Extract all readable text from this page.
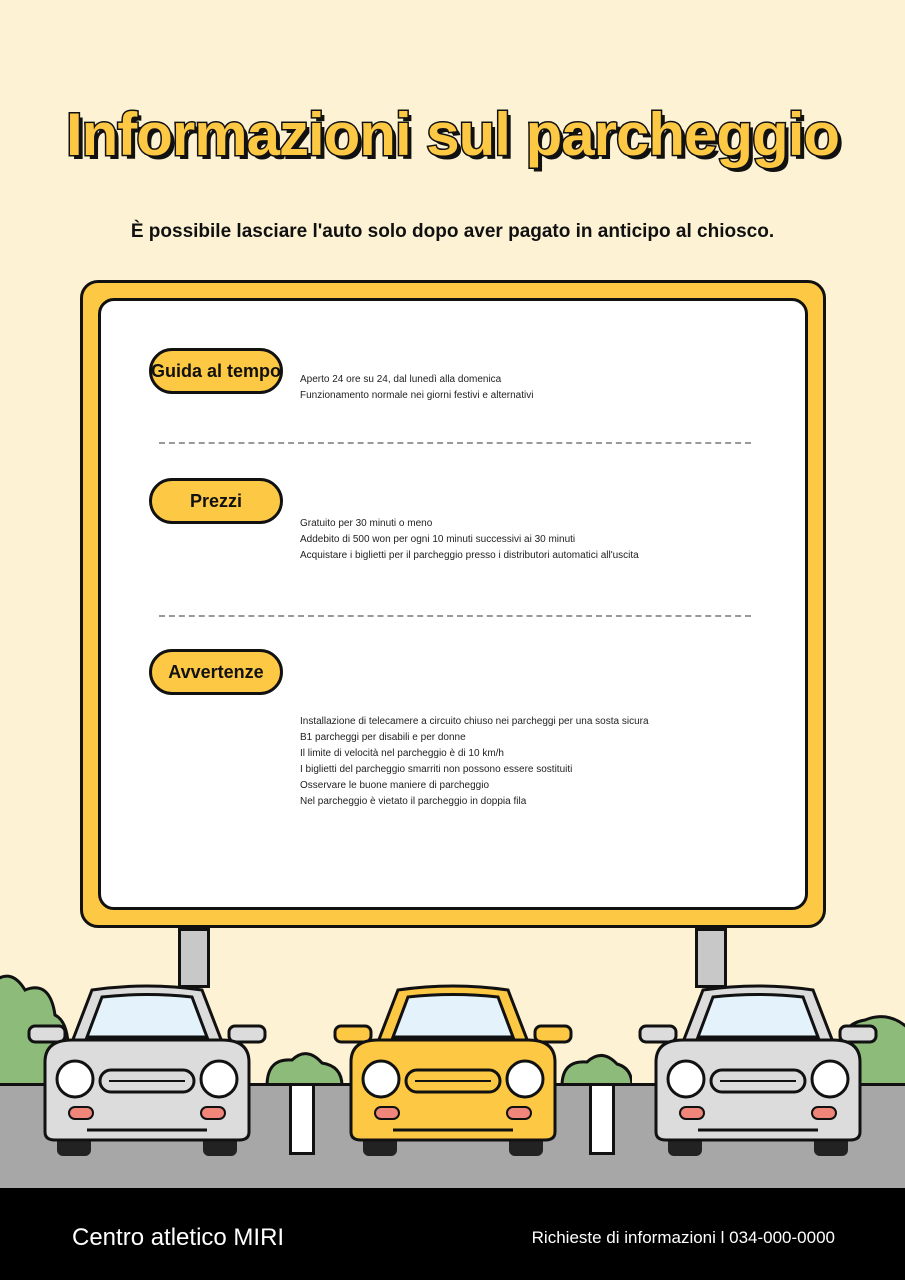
Informazioni sul parcheggio
È possibile lasciare l'auto solo dopo aver pagato in anticipo al chiosco.
Guida al tempo Aperto 24 ore su 24, dal lunedì alla domenica
Funzionamento normale nei giorni festivi e alternativi
Prezzi
Gratuito per 30 minuti o meno
Addebito di 500 won per ogni 10 minuti successivi ai 30 minuti
Acquistare i biglietti per il parcheggio presso i distributori automatici all'uscita
Avvertenze
Installazione di telecamere a circuito chiuso nei parcheggi per una sosta sicura
B1 parcheggi per disabili e per donne
Il limite di velocità nel parcheggio è di 10 km/h
I biglietti del parcheggio smarriti non possono essere sostituiti
Osservare le buone maniere di parcheggio
Nel parcheggio è vietato il parcheggio in doppia fila
Centro atletico MIRI	Richieste di informazioni l 034-000-0000
